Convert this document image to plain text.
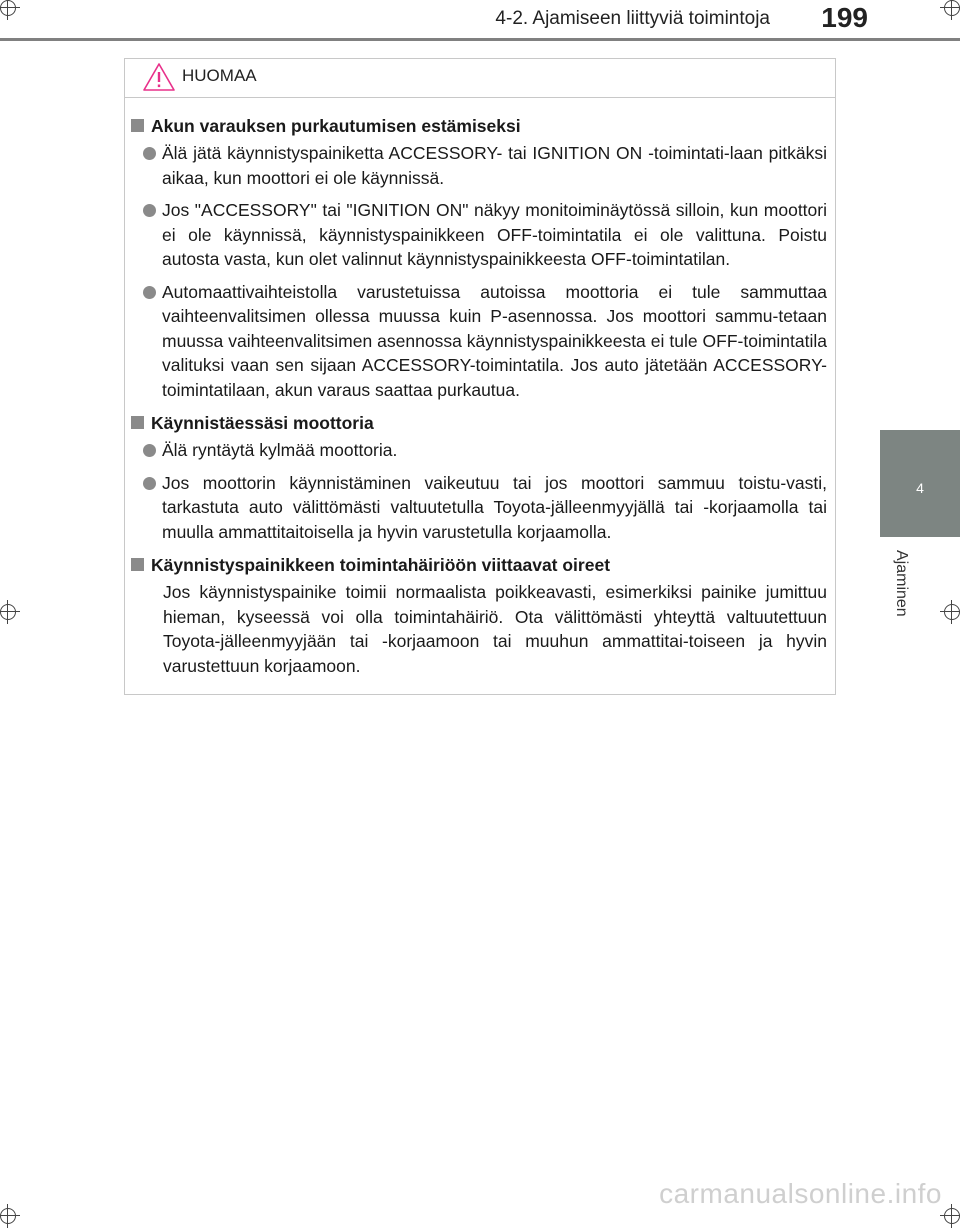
4-2. Ajamiseen liittyviä toimintoja 199
4
Ajaminen
HUOMAA
Akun varauksen purkautumisen estämiseksi
Älä jätä käynnistyspainiketta ACCESSORY- tai IGNITION ON -toimintati-laan pitkäksi aikaa, kun moottori ei ole käynnissä.
Jos "ACCESSORY" tai "IGNITION ON" näkyy monitoiminäytössä silloin, kun moottori ei ole käynnissä, käynnistyspainikkeen OFF-toimintatila ei ole valittuna. Poistu autosta vasta, kun olet valinnut käynnistyspainikkeesta OFF-toimintatilan.
Automaattivaihteistolla varustetuissa autoissa moottoria ei tule sammuttaa vaihteenvalitsimen ollessa muussa kuin P-asennossa. Jos moottori sammu-tetaan muussa vaihteenvalitsimen asennossa käynnistyspainikkeesta ei tule OFF-toimintatila valituksi vaan sen sijaan ACCESSORY-toimintatila. Jos auto jätetään ACCESSORY-toimintatilaan, akun varaus saattaa purkautua.
Käynnistäessäsi moottoria
Älä ryntäytä kylmää moottoria.
Jos moottorin käynnistäminen vaikeutuu tai jos moottori sammuu toistu-vasti, tarkastuta auto välittömästi valtuutetulla Toyota-jälleenmyyjällä tai -korjaamolla tai muulla ammattitaitoisella ja hyvin varustetulla korjaamolla.
Käynnistyspainikkeen toimintahäiriöön viittaavat oireet

Jos käynnistyspainike toimii normaalista poikkeavasti, esimerkiksi painike jumittuu hieman, kyseessä voi olla toimintahäiriö. Ota välittömästi yhteyttä valtuutettuun Toyota-jälleenmyyjään tai -korjaamoon tai muuhun ammattitai-toiseen ja hyvin varustettuun korjaamoon.

carmanualsonline.info
